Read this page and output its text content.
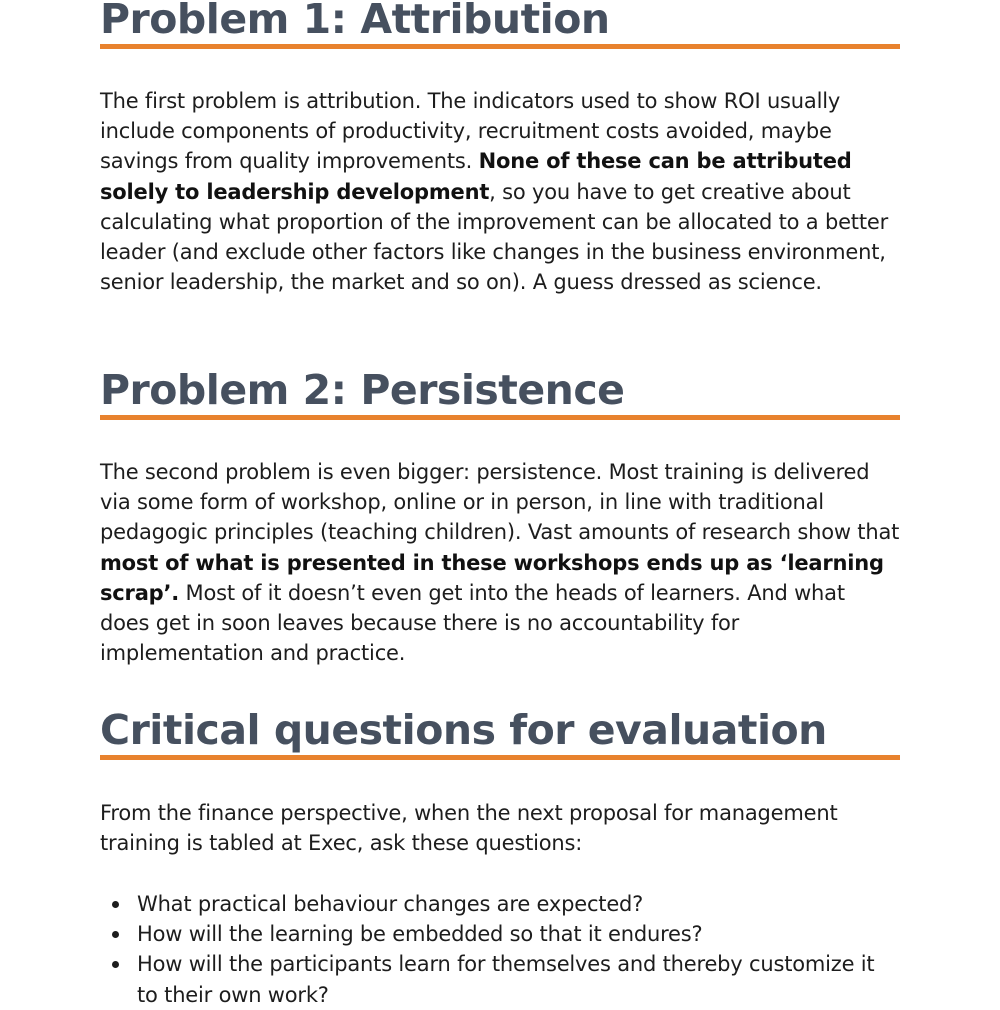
Problem 1: Attribution

The first problem is attribution. The indicators used to show ROI usually include components of productivity, recruitment costs avoided, maybe savings from quality improvements. None of these can be attributed solely to leadership development, so you have to get creative about calculating what proportion of the improvement can be allocated to a better leader (and exclude other factors like changes in the business environment, senior leadership, the market and so on). A guess dressed as science.

Problem 2: Persistence

The second problem is even bigger: persistence. Most training is delivered via some form of workshop, online or in person, in line with traditional pedagogic principles (teaching children). Vast amounts of research show that most of what is presented in these workshops ends up as ‘learning scrap’. Most of it doesn’t even get into the heads of learners. And what does get in soon leaves because there is no accountability for implementation and practice.

Critical questions for evaluation

From the finance perspective, when the next proposal for management training is tabled at Exec, ask these questions:

What practical behaviour changes are expected?
How will the learning be embedded so that it endures?
How will the participants learn for themselves and thereby customize it to their own work?
